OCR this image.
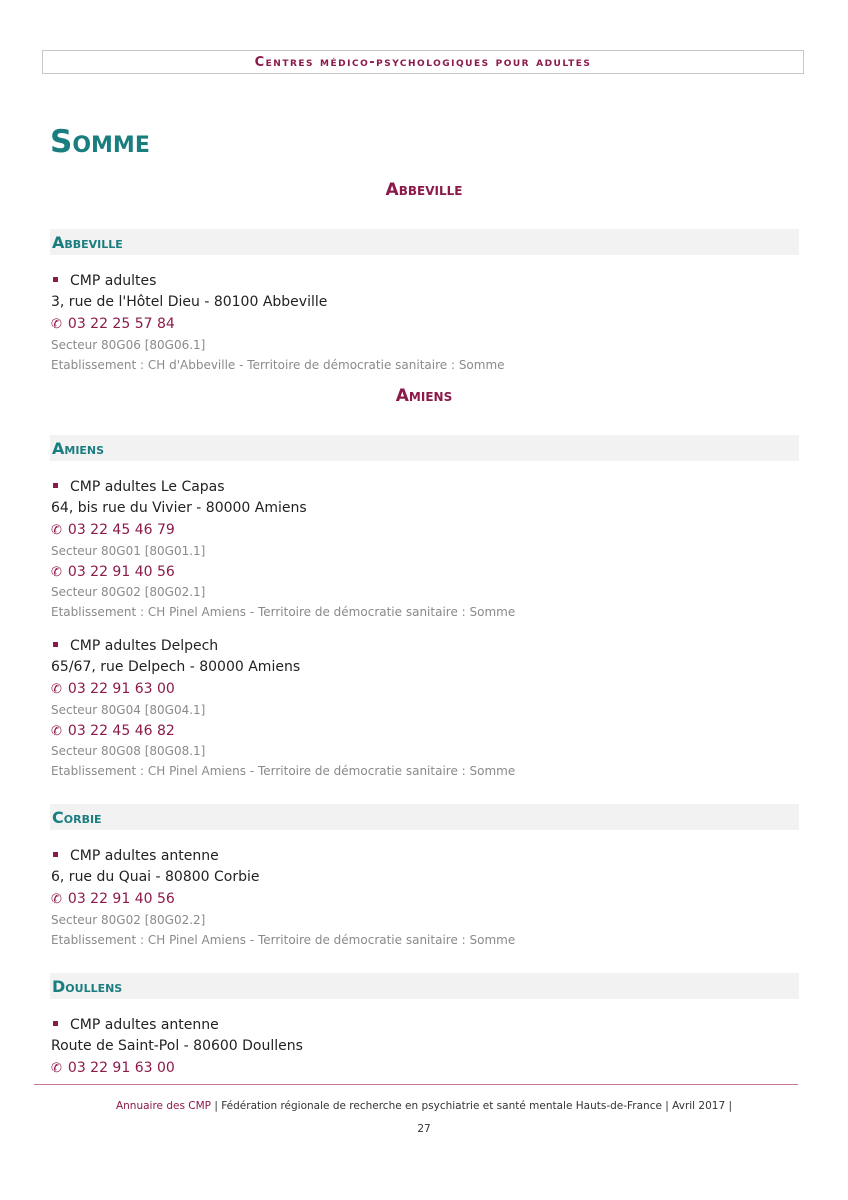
Centres médico-psychologiques pour adultes
Somme
Abbeville
Abbeville
CMP adultes
3, rue de l'Hôtel Dieu - 80100 Abbeville
✆ 03 22 25 57 84
Secteur 80G06 [80G06.1]
Etablissement : CH d'Abbeville - Territoire de démocratie sanitaire : Somme
Amiens
Amiens
CMP adultes Le Capas
64, bis rue du Vivier - 80000 Amiens
✆ 03 22 45 46 79
Secteur 80G01 [80G01.1]
✆ 03 22 91 40 56
Secteur 80G02 [80G02.1]
Etablissement : CH Pinel Amiens - Territoire de démocratie sanitaire : Somme
CMP adultes Delpech
65/67, rue Delpech - 80000 Amiens
✆ 03 22 91 63 00
Secteur 80G04 [80G04.1]
✆ 03 22 45 46 82
Secteur 80G08 [80G08.1]
Etablissement : CH Pinel Amiens - Territoire de démocratie sanitaire : Somme
Corbie
CMP adultes antenne
6, rue du Quai - 80800 Corbie
✆ 03 22 91 40 56
Secteur 80G02 [80G02.2]
Etablissement : CH Pinel Amiens - Territoire de démocratie sanitaire : Somme
Doullens
CMP adultes antenne
Route de Saint-Pol - 80600 Doullens
✆ 03 22 91 63 00
Annuaire des CMP | Fédération régionale de recherche en psychiatrie et santé mentale Hauts-de-France | Avril 2017 |
27
